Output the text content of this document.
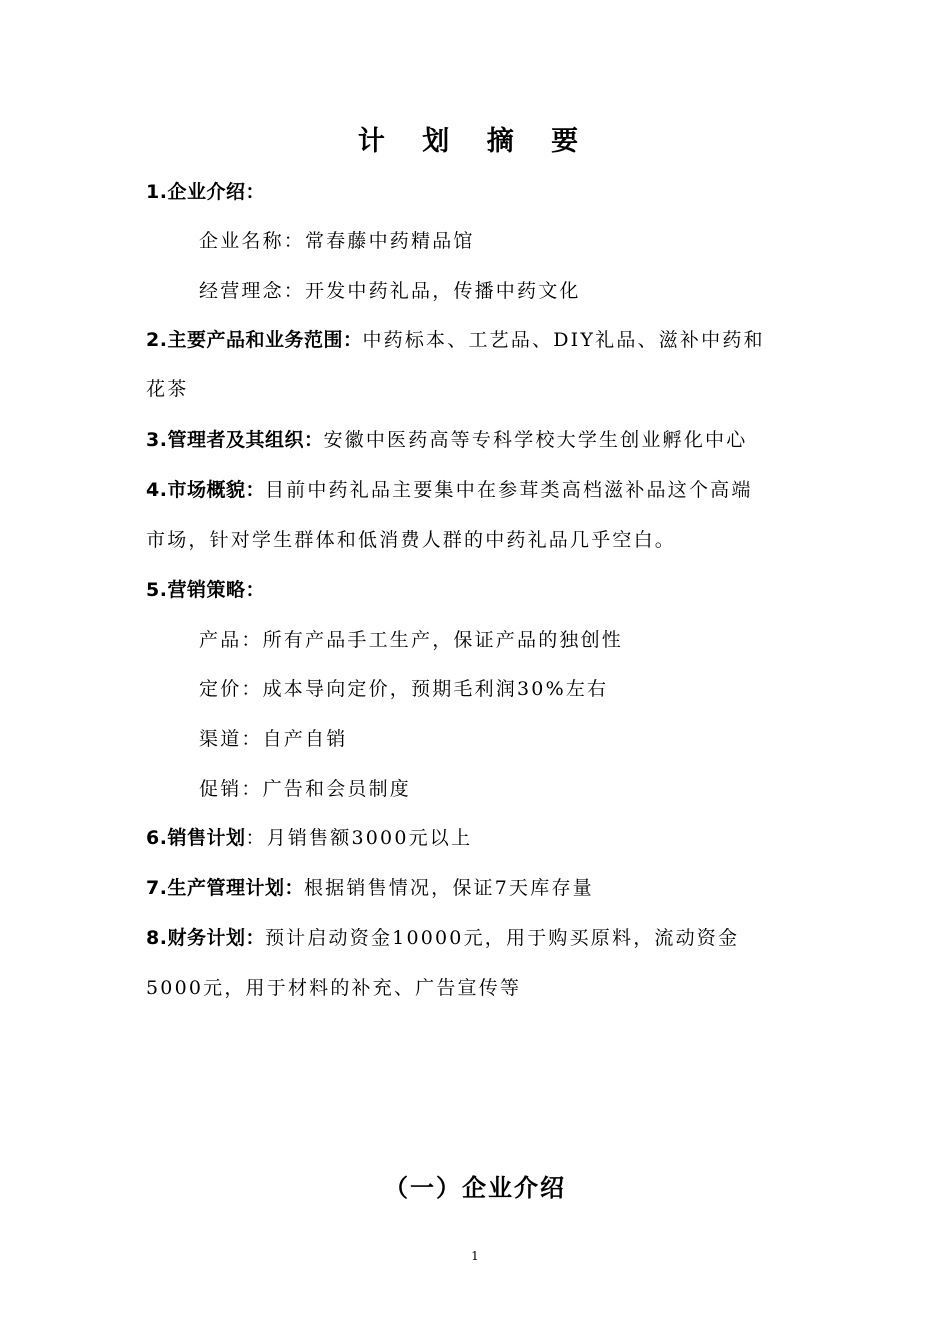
计 划 摘 要
1.企业介绍：
企业名称：常春藤中药精品馆
经营理念：开发中药礼品，传播中药文化
2.主要产品和业务范围：中药标本、工艺品、DIY礼品、滋补中药和
花茶
3.管理者及其组织：安徽中医药高等专科学校大学生创业孵化中心
4.市场概貌：目前中药礼品主要集中在参茸类高档滋补品这个高端
市场，针对学生群体和低消费人群的中药礼品几乎空白。
5.营销策略：
产品：所有产品手工生产，保证产品的独创性
定价：成本导向定价，预期毛利润30%左右
渠道：自产自销
促销：广告和会员制度
6.销售计划：月销售额3000元以上
7.生产管理计划：根据销售情况，保证7天库存量
8.财务计划：预计启动资金10000元，用于购买原料，流动资金
5000元，用于材料的补充、广告宣传等
（一）企业介绍
1
